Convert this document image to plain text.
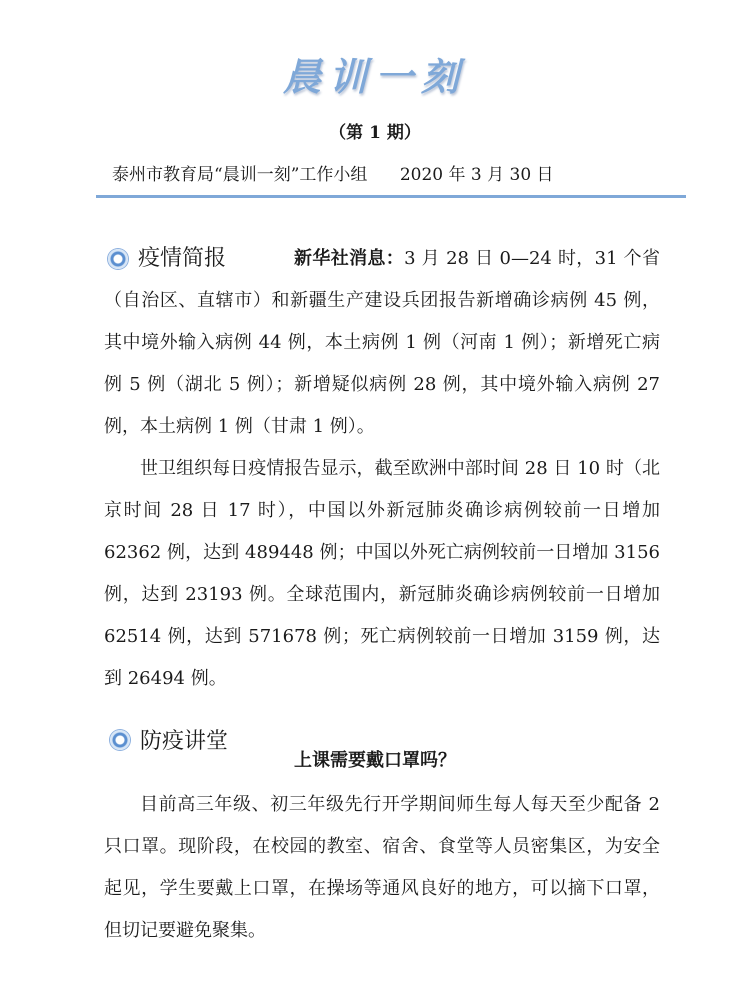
晨训一刻
（第 1 期）
泰州市教育局“晨训一刻”工作小组 2020 年 3 月 30 日
疫情简报	新华社消息：3 月 28 日 0—24 时，31 个省（自治区、直辖市）和新疆生产建设兵团报告新增确诊病例 45 例，其中境外输入病例 44 例，本土病例 1 例（河南 1 例）；新增死亡病例 5 例（湖北 5 例）；新增疑似病例 28 例，其中境外输入病例 27 例，本土病例 1 例（甘肃 1 例）。
世卫组织每日疫情报告显示，截至欧洲中部时间 28 日 10 时（北京时间 28 日 17 时），中国以外新冠肺炎确诊病例较前一日增加 62362 例，达到 489448 例；中国以外死亡病例较前一日增加 3156 例，达到 23193 例。全球范围内，新冠肺炎确诊病例较前一日增加 62514 例，达到 571678 例；死亡病例较前一日增加 3159 例，达到 26494 例。
防疫讲堂
上课需要戴口罩吗？
目前高三年级、初三年级先行开学期间师生每人每天至少配备 2 只口罩。现阶段，在校园的教室、宿舍、食堂等人员密集区，为安全起见，学生要戴上口罩，在操场等通风良好的地方，可以摘下口罩，但切记要避免聚集。
